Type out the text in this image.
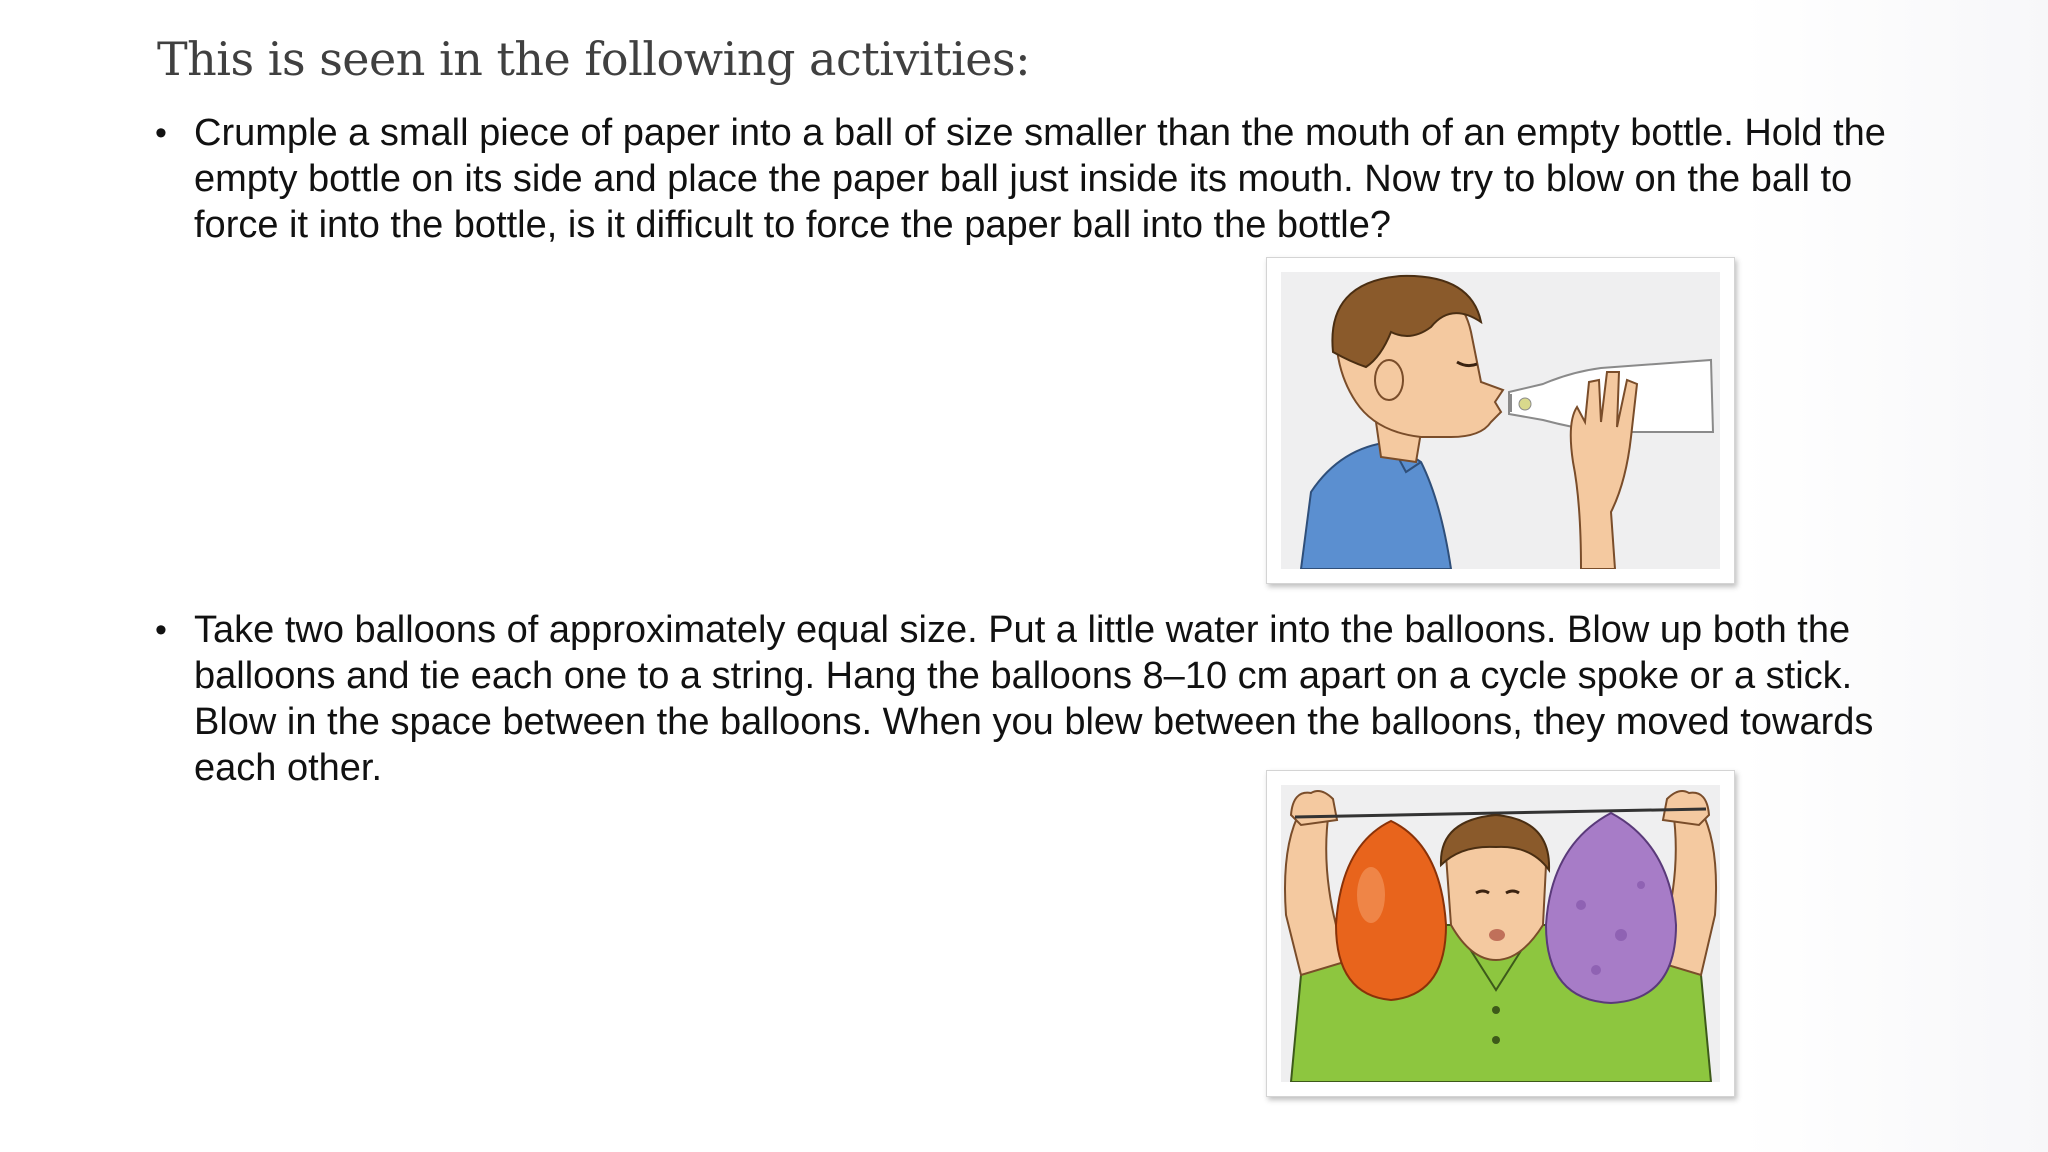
This is seen in the following activities:
• Crumple a small piece of paper into a ball of size smaller than the mouth of an empty bottle. Hold the empty bottle on its side and place the paper ball just inside its mouth. Now try to blow on the ball to force it into the bottle, is it difficult to force the paper ball into the bottle?
• Take two balloons of approximately equal size. Put a little water into the balloons. Blow up both the balloons and tie each one to a string. Hang the balloons 8–10 cm apart on a cycle spoke or a stick. Blow in the space between the balloons. When you blew between the balloons, they moved towards each other.
